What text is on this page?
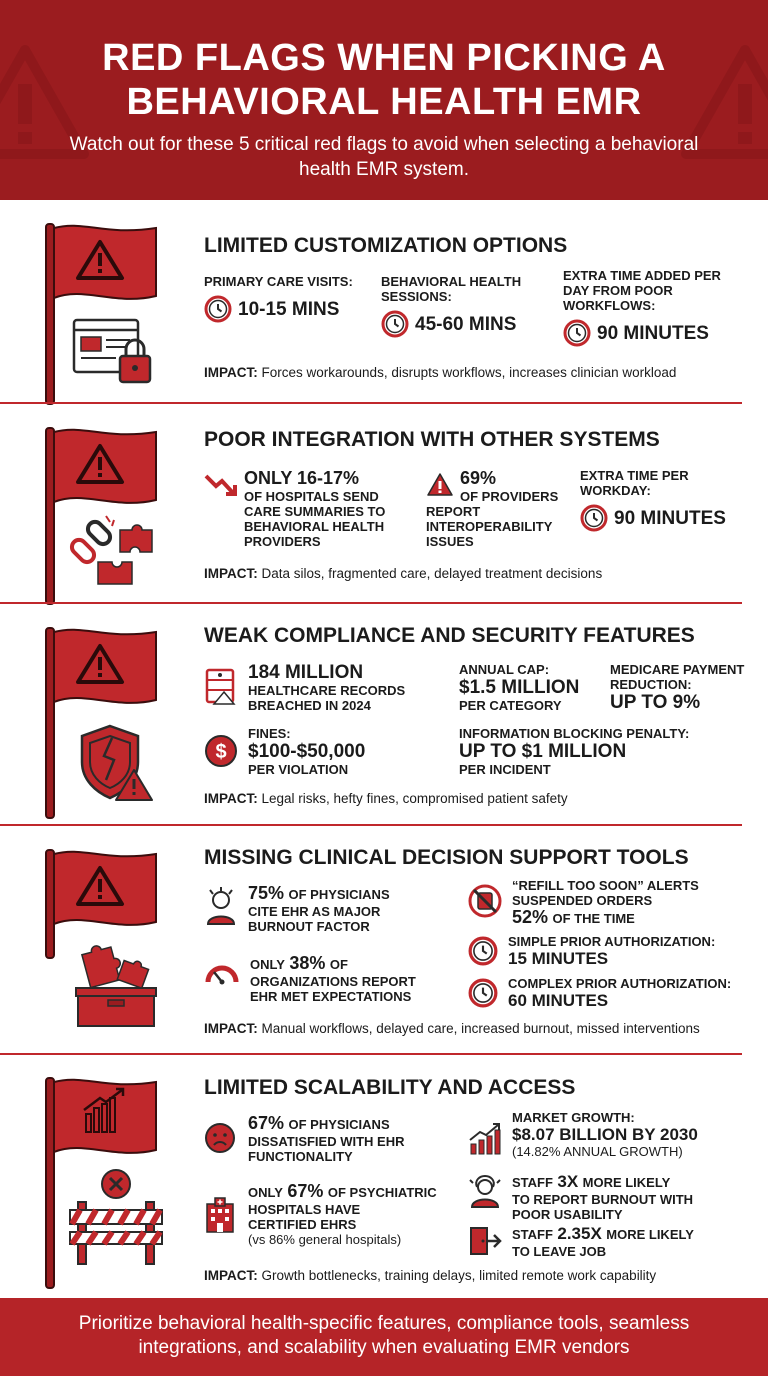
RED FLAGS WHEN PICKING A
BEHAVIORAL HEALTH EMR
Watch out for these 5 critical red flags to avoid when selecting a behavioral health EMR system.
LIMITED CUSTOMIZATION OPTIONS
PRIMARY CARE VISITS:
10-15 MINS
BEHAVIORAL HEALTH SESSIONS:
45-60 MINS
EXTRA TIME ADDED PER DAY FROM POOR WORKFLOWS:
90 MINUTES
IMPACT: Forces workarounds, disrupts workflows, increases clinician workload
POOR INTEGRATION WITH OTHER SYSTEMS
ONLY 16-17%
OF HOSPITALS SEND CARE SUMMARIES TO BEHAVIORAL HEALTH PROVIDERS
69%
OF PROVIDERS
REPORT INTEROPERABILITY ISSUES
EXTRA TIME PER WORKDAY:
90 MINUTES
IMPACT: Data silos, fragmented care, delayed treatment decisions
WEAK COMPLIANCE AND SECURITY FEATURES
184 MILLION
HEALTHCARE RECORDS BREACHED IN 2024
ANNUAL CAP:
$1.5 MILLION
PER CATEGORY
MEDICARE PAYMENT REDUCTION:
UP TO 9%
$
FINES:
$100-$50,000
PER VIOLATION
INFORMATION BLOCKING PENALTY:
UP TO $1 MILLION
PER INCIDENT
IMPACT: Legal risks, hefty fines, compromised patient safety
MISSING CLINICAL DECISION SUPPORT TOOLS
75% OF PHYSICIANS
CITE EHR AS MAJOR BURNOUT FACTOR
ONLY 38% OF
ORGANIZATIONS REPORT EHR MET EXPECTATIONS
“REFILL TOO SOON” ALERTS SUSPENDED ORDERS
52% OF THE TIME
SIMPLE PRIOR AUTHORIZATION:
15 MINUTES
COMPLEX PRIOR AUTHORIZATION:
60 MINUTES
IMPACT: Manual workflows, delayed care, increased burnout, missed interventions
LIMITED SCALABILITY AND ACCESS
67% OF PHYSICIANS
DISSATISFIED WITH EHR FUNCTIONALITY
ONLY 67% OF PSYCHIATRIC
HOSPITALS HAVE CERTIFIED EHRS
(vs 86% general hospitals)
MARKET GROWTH:
$8.07 BILLION BY 2030
(14.82% ANNUAL GROWTH)
STAFF 3X MORE LIKELY
TO REPORT BURNOUT WITH POOR USABILITY
STAFF 2.35X MORE LIKELY
TO LEAVE JOB
IMPACT: Growth bottlenecks, training delays, limited remote work capability
Prioritize behavioral health-specific features, compliance tools, seamless integrations, and scalability when evaluating EMR vendors
